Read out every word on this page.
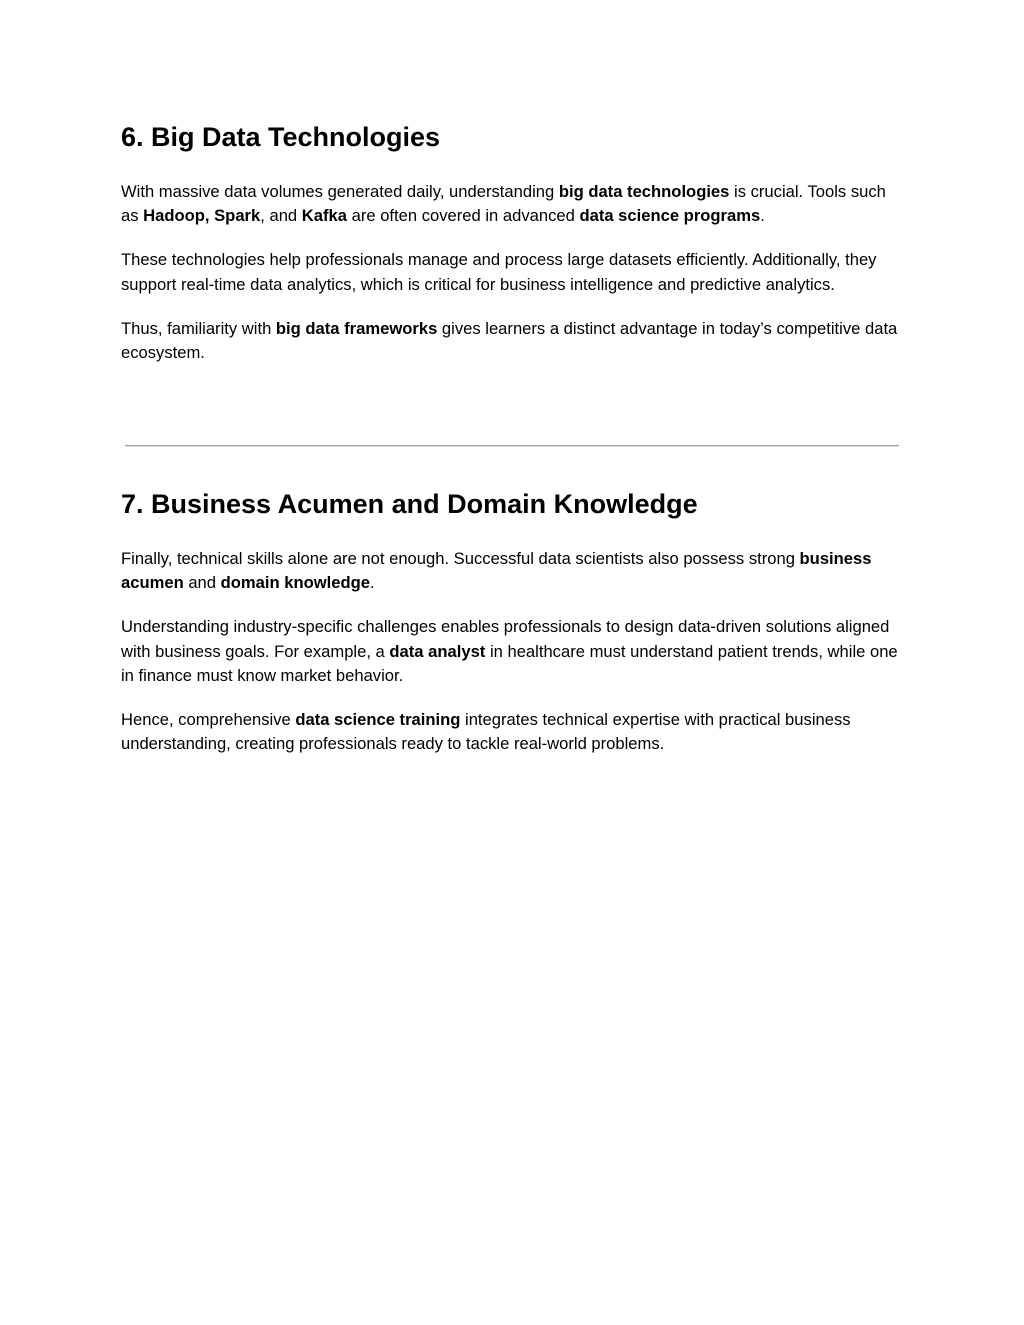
6. Big Data Technologies

With massive data volumes generated daily, understanding big data technologies is crucial. Tools such as Hadoop, Spark, and Kafka are often covered in advanced data science programs.

These technologies help professionals manage and process large datasets efficiently. Additionally, they support real-time data analytics, which is critical for business intelligence and predictive analytics.

Thus, familiarity with big data frameworks gives learners a distinct advantage in today’s competitive data ecosystem.

7. Business Acumen and Domain Knowledge

Finally, technical skills alone are not enough. Successful data scientists also possess strong business acumen and domain knowledge.

Understanding industry-specific challenges enables professionals to design data-driven solutions aligned with business goals. For example, a data analyst in healthcare must understand patient trends, while one in finance must know market behavior.

Hence, comprehensive data science training integrates technical expertise with practical business understanding, creating professionals ready to tackle real-world problems.
